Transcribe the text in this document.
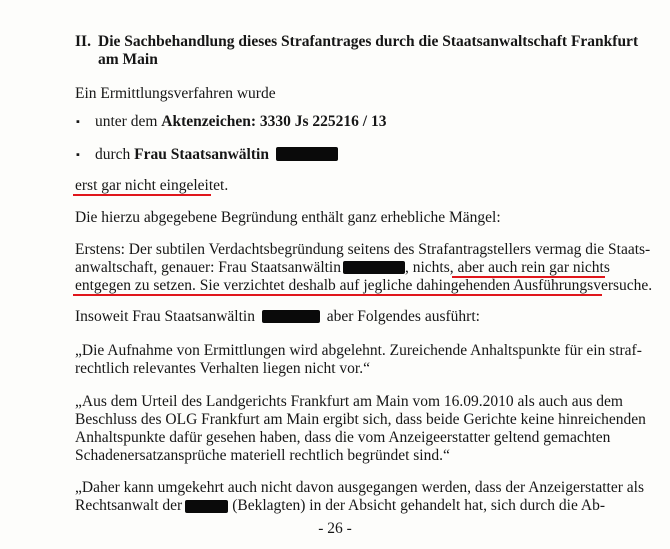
II. Die Sachbehandlung dieses Strafantrages durch die Staatsanwaltschaft Frankfurt
am Main
Ein Ermittlungsverfahren wurde
▪ unter dem Aktenzeichen: 3330 Js 225216 / 13
▪ durch Frau Staatsanwältin
erst gar nicht eingeleitet.
Die hierzu abgegebene Begründung enthält ganz erhebliche Mängel:
Erstens: Der subtilen Verdachtsbegründung seitens des Strafantragstellers vermag die Staats-
anwaltschaft, genauer: Frau Staatsanwältin	, nichts, aber auch rein gar nichts
entgegen zu setzen. Sie verzichtet deshalb auf jegliche dahingehenden Ausführungsversuche.
Insoweit Frau Staatsanwältin	aber Folgendes ausführt:
„Die Aufnahme von Ermittlungen wird abgelehnt. Zureichende Anhaltspunkte für ein straf-
rechtlich relevantes Verhalten liegen nicht vor.“
„Aus dem Urteil des Landgerichts Frankfurt am Main vom 16.09.2010 als auch aus dem
Beschluss des OLG Frankfurt am Main ergibt sich, dass beide Gerichte keine hinreichenden
Anhaltspunkte dafür gesehen haben, dass die vom Anzeigeerstatter geltend gemachten
Schadenersatzansprüche materiell rechtlich begründet sind.“
„Daher kann umgekehrt auch nicht davon ausgegangen werden, dass der Anzeigerstatter als
Rechtsanwalt der	(Beklagten) in der Absicht gehandelt hat, sich durch die Ab-
- 26 -
